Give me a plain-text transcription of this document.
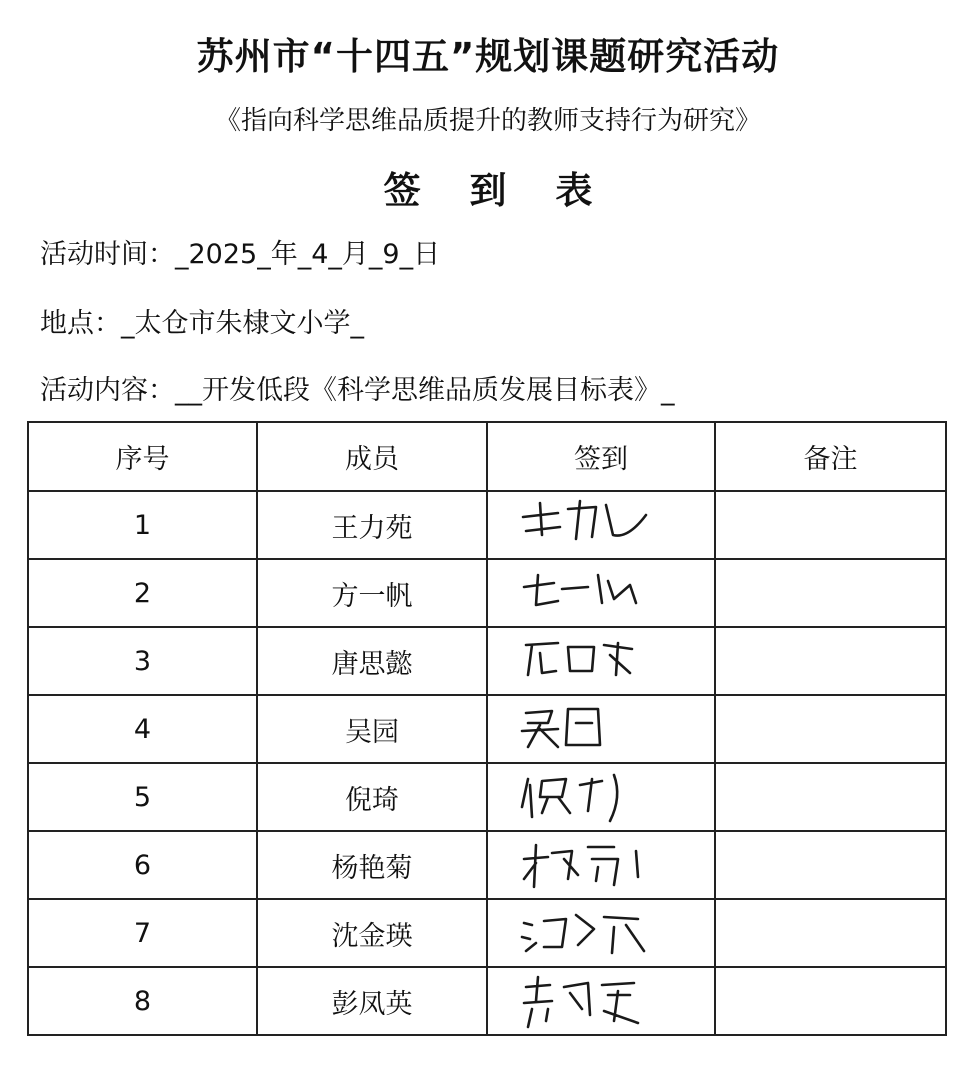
苏州市“十四五”规划课题研究活动
《指向科学思维品质提升的教师支持行为研究》
签 到 表
活动时间：_2025_年_4_月_9_日
地点：_太仓市朱棣文小学_
活动内容：__开发低段《科学思维品质发展目标表》_
序号	成员	签到	备注
1	王力苑	

2	方一帆	

3	唐思懿	

4	吴园	

5	倪琦	

6	杨艳菊	

7	沈金瑛	

8	彭凤英	
